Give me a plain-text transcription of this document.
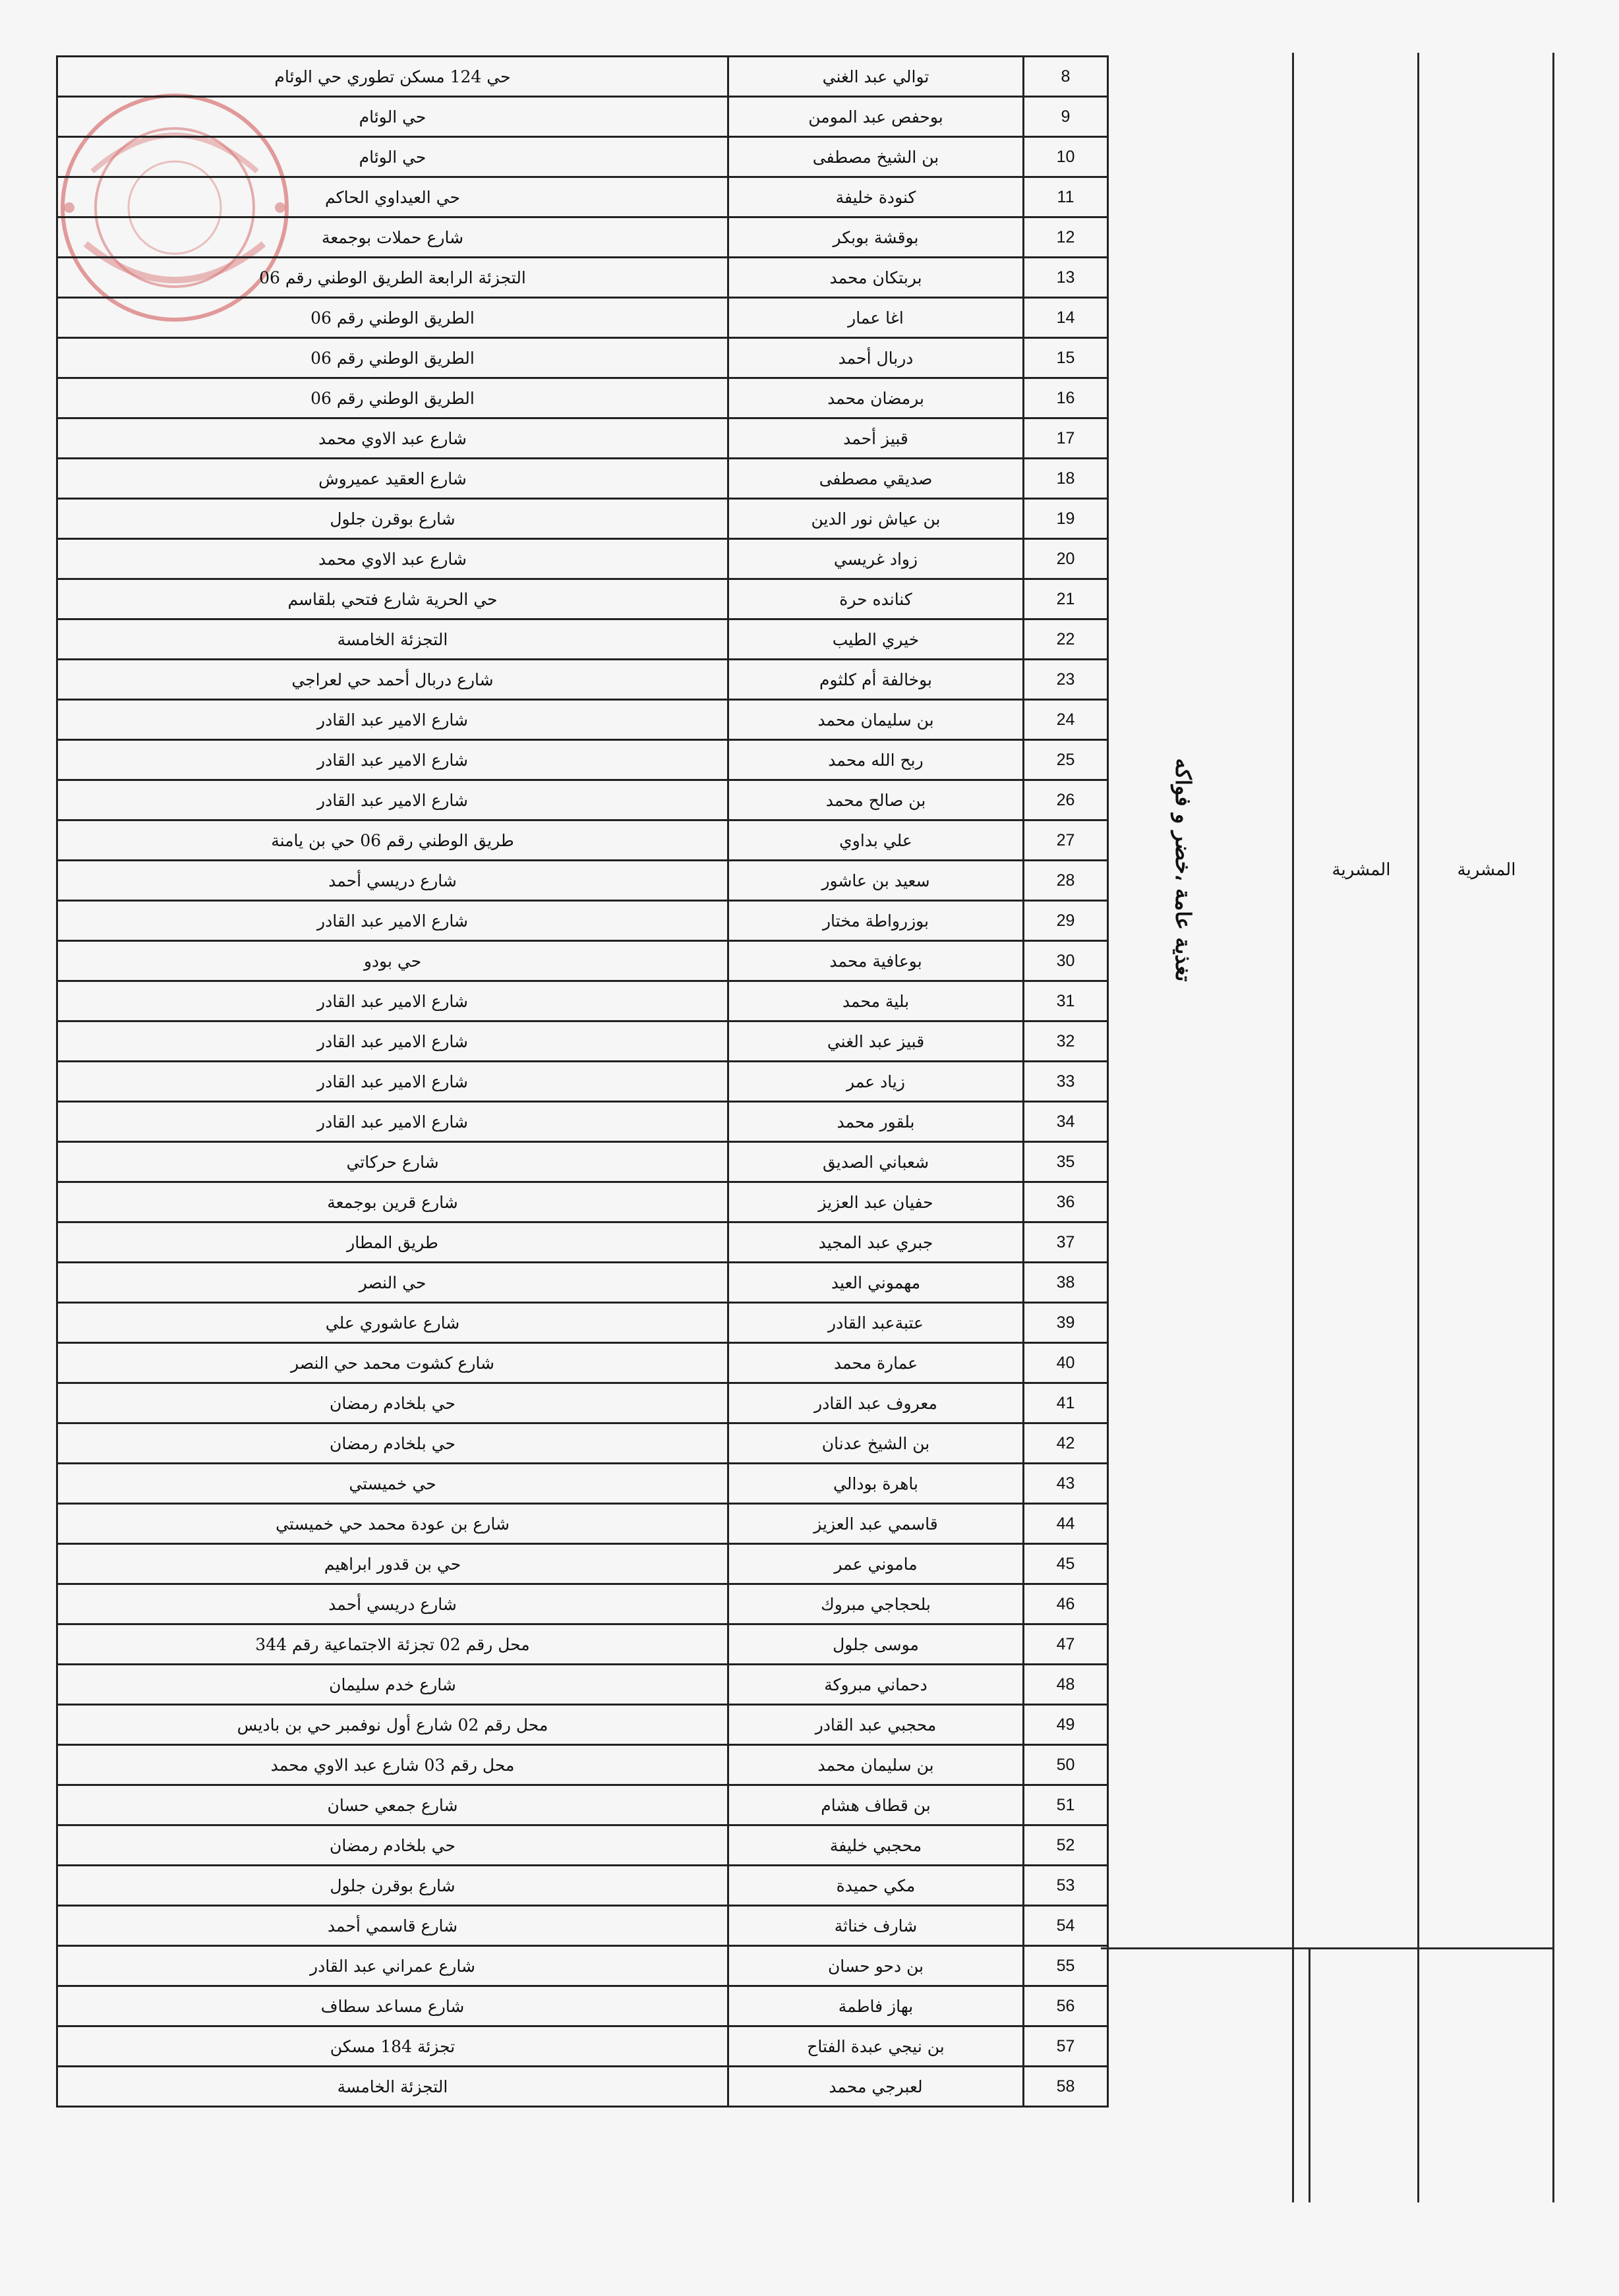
حي 124 مسكن تطوري حي الوئام	توالي عبد الغني	8
حي الوئام	بوحفص عبد المومن	9
حي الوئام	بن الشيخ مصطفى	10
حي العيداوي الحاكم	كنودة خليفة	11
شارع حملات بوجمعة	بوقشة بوبكر	12
التجزئة الرابعة الطريق الوطني رقم 06	بربتكان محمد	13
الطريق الوطني رقم 06	اغا عمار	14
الطريق الوطني رقم 06	دربال أحمد	15
الطريق الوطني رقم 06	برمضان محمد	16
شارع عبد الاوي محمد	قبيز أحمد	17
شارع العقيد عميروش	صديقي مصطفى	18
شارع بوقرن جلول	بن عياش نور الدين	19
شارع عبد الاوي محمد	زواد غريسي	20
حي الحرية شارع فتحي بلقاسم	كنانده حرة	21
التجزئة الخامسة	خيري الطيب	22
شارع دربال أحمد حي لعراجي	بوخالفة أم كلثوم	23
شارع الامير عبد القادر	بن سليمان محمد	24
شارع الامير عبد القادر	ربح الله محمد	25
شارع الامير عبد القادر	بن صالح محمد	26
طريق الوطني رقم 06 حي بن يامنة	علي بداوي	27
شارع دريسي أحمد	سعيد بن عاشور	28
شارع الامير عبد القادر	بوزرواطة مختار	29
حي بودو	بوعافية محمد	30
شارع الامير عبد القادر	بلية محمد	31
شارع الامير عبد القادر	قبيز عبد الغني	32
شارع الامير عبد القادر	زياد عمر	33
شارع الامير عبد القادر	بلقور محمد	34
شارع حركاتي	شعباني الصديق	35
شارع قرين بوجمعة	حفيان عبد العزيز	36
طريق المطار	جبري عبد المجيد	37
حي النصر	مهموني العيد	38
شارع عاشوري علي	عتبةعبد القادر	39
شارع كشوت محمد حي النصر	عمارة محمد	40
حي بلخادم رمضان	معروف عبد القادر	41
حي بلخادم رمضان	بن الشيخ عدنان	42
حي خميستي	باهرة بودالي	43
شارع بن عودة محمد حي خميستي	قاسمي عبد العزيز	44
حي بن قدور ابراهيم	ماموني عمر	45
شارع دريسي أحمد	بلحجاجي مبروك	46
محل رقم 02 تجزئة الاجتماعية رقم 344	موسى جلول	47
شارع خدم سليمان	دحماني مبروكة	48
محل رقم 02 شارع أول نوفمبر حي بن باديس	محجبي عبد القادر	49
محل رقم 03 شارع عبد الاوي محمد	بن سليمان محمد	50
شارع جمعي حسان	بن قطاف هشام	51
حي بلخادم رمضان	محجبي خليفة	52
شارع بوقرن جلول	مكي حميدة	53
شارع قاسمي أحمد	شارف خناثة	54
شارع عمراني عبد القادر	بن دحو حسان	55
شارع مساعد سطاف	بهاز فاطمة	56
تجزئة 184 مسكن	بن نيجي عبدة الفتاح	57
التجزئة الخامسة	لعبرجي محمد	58
تغذية عامة ،خضر و فواكه	المشرية	المشرية
